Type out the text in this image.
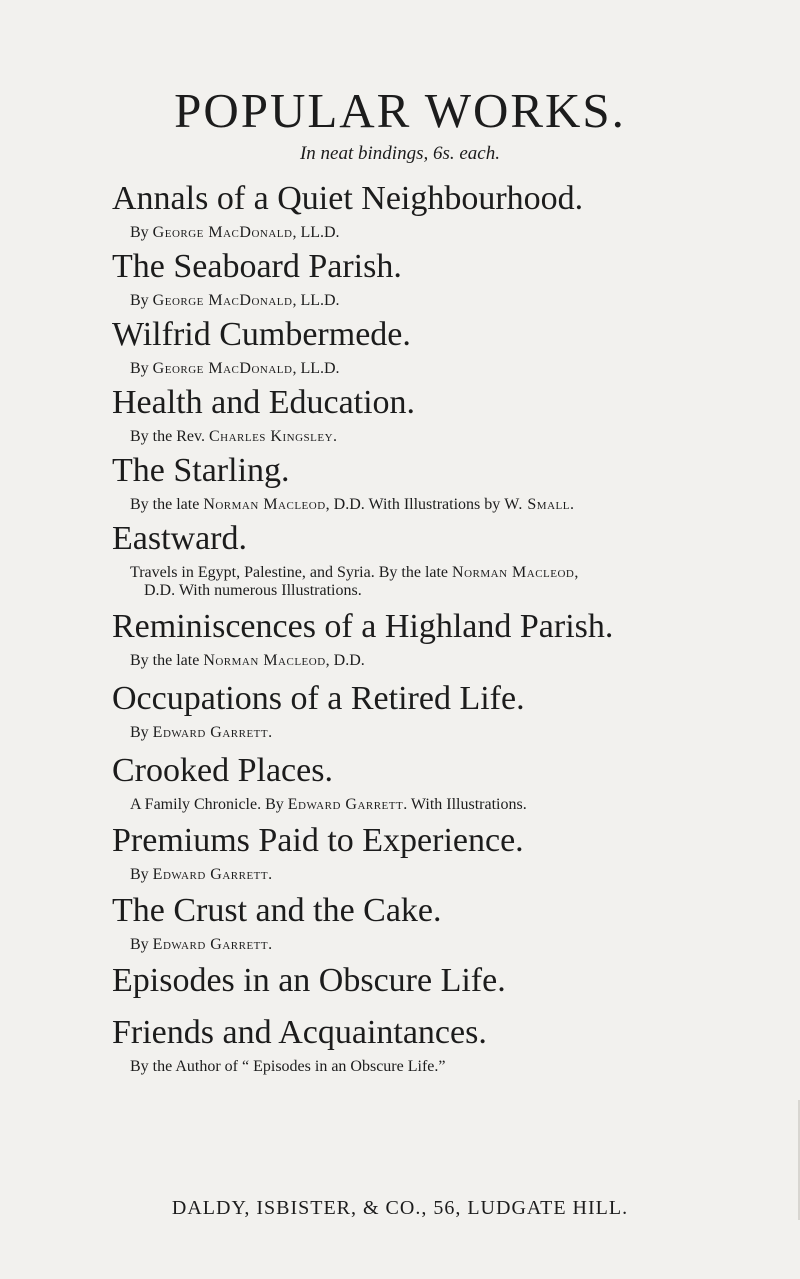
POPULAR WORKS.
In neat bindings, 6s. each.
Annals of a Quiet Neighbourhood.
By George MacDonald, LL.D.
The Seaboard Parish.
By George MacDonald, LL.D.
Wilfrid Cumbermede.
By George MacDonald, LL.D.
Health and Education.
By the Rev. Charles Kingsley.
The Starling.
By the late Norman Macleod, D.D. With Illustrations by W. Small.
Eastward.
Travels in Egypt, Palestine, and Syria. By the late Norman Macleod,
D.D. With numerous Illustrations.
Reminiscences of a Highland Parish.
By the late Norman Macleod, D.D.
Occupations of a Retired Life.
By Edward Garrett.
Crooked Places.
A Family Chronicle. By Edward Garrett. With Illustrations.
Premiums Paid to Experience.
By Edward Garrett.
The Crust and the Cake.
By Edward Garrett.
Episodes in an Obscure Life.
Friends and Acquaintances.
By the Author of “ Episodes in an Obscure Life.”
DALDY, ISBISTER, & CO., 56, LUDGATE HILL.
